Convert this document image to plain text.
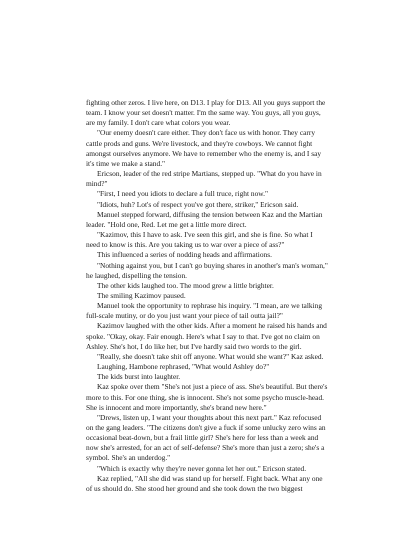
fighting other zeros. I live here, on D13. I play for D13. All you guys support the team. I know your set doesn't matter. I'm the same way. You guys, all you guys, are my family. I don't care what colors you wear.

"Our enemy doesn't care either. They don't face us with honor. They carry cattle prods and guns. We're livestock, and they're cowboys. We cannot fight amongst ourselves anymore. We have to remember who the enemy is, and I say it's time we make a stand."

Ericson, leader of the red stripe Martians, stepped up. "What do you have in mind?"

"First, I need you idiots to declare a full truce, right now."

"Idiots, huh? Lot's of respect you've got there, striker," Ericson said.

Manuel stepped forward, diffusing the tension between Kaz and the Martian leader. "Hold one, Red. Let me get a little more direct.

"Kazimov, this I have to ask. I've seen this girl, and she is fine. So what I need to know is this. Are you taking us to war over a piece of ass?"

This influenced a series of nodding heads and affirmations.

"Nothing against you, but I can't go buying shares in another's man's woman," he laughed, dispelling the tension.

The other kids laughed too. The mood grew a little brighter.

The smiling Kazimov paused.

Manuel took the opportunity to rephrase his inquiry. "I mean, are we talking full-scale mutiny, or do you just want your piece of tail outta jail?"

Kazimov laughed with the other kids. After a moment he raised his hands and spoke. "Okay, okay. Fair enough. Here's what I say to that. I've got no claim on Ashley. She's hot, I do like her, but I've hardly said two words to the girl.

"Really, she doesn't take shit off anyone. What would she want?" Kaz asked.

Laughing, Hambone rephrased, "What would Ashley do?"

The kids burst into laughter.

Kaz spoke over them "She's not just a piece of ass. She's beautiful. But there's more to this. For one thing, she is innocent. She's not some psycho muscle-head. She is innocent and more importantly, she's brand new here."

"Drews, listen up, I want your thoughts about this next part." Kaz refocused on the gang leaders. "The citizens don't give a fuck if some unlucky zero wins an occasional beat-down, but a frail little girl? She's here for less than a week and now she's arrested, for an act of self-defense? She's more than just a zero; she's a symbol. She's an underdog."

"Which is exactly why they're never gonna let her out." Ericson stated.

Kaz replied, "All she did was stand up for herself. Fight back. What any one of us should do. She stood her ground and she took down the two biggest
